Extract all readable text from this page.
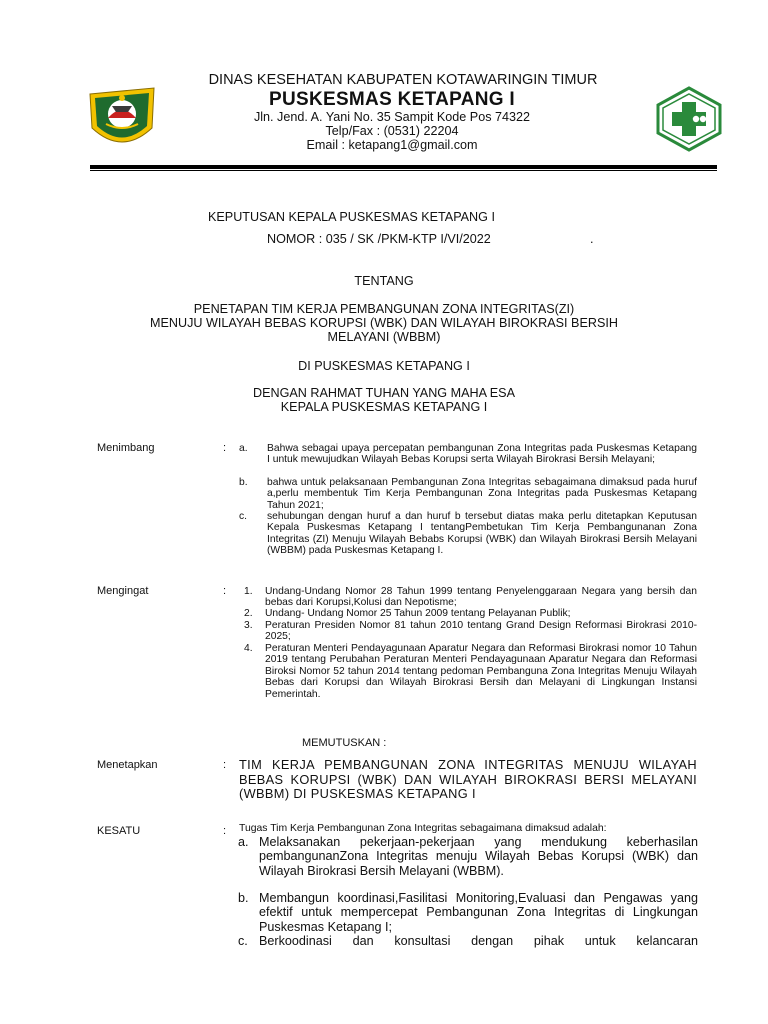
DINAS KESEHATAN KABUPATEN KOTAWARINGIN TIMUR
PUSKESMAS KETAPANG I
Jln. Jend. A. Yani No. 35 Sampit Kode Pos 74322
Telp/Fax : (0531) 22204
Email : ketapang1@gmail.com
KEPUTUSAN KEPALA PUSKESMAS KETAPANG I
NOMOR : 035 / SK /PKM-KTP I/VI/2022	.
TENTANG
PENETAPAN TIM KERJA PEMBANGUNAN ZONA INTEGRITAS(ZI)
MENUJU WILAYAH BEBAS KORUPSI (WBK) DAN WILAYAH BIROKRASI BERSIH
MELAYANI (WBBM)
DI PUSKESMAS KETAPANG I
DENGAN RAHMAT TUHAN YANG MAHA ESA
KEPALA PUSKESMAS KETAPANG I
Menimbang	: a. Bahwa sebagai upaya percepatan pembangunan Zona Integritas pada Puskesmas Ketapang I untuk mewujudkan Wilayah Bebas Korupsi serta Wilayah Birokrasi Bersih Melayani;
b. bahwa untuk pelaksanaan Pembangunan Zona Integritas sebagaimana dimaksud pada huruf a,perlu membentuk Tim Kerja Pembangunan Zona Integritas pada Puskesmas Ketapang Tahun 2021;
c. sehubungan dengan huruf a dan huruf b tersebut diatas maka perlu ditetapkan Keputusan Kepala Puskesmas Ketapang I tentangPembetukan Tim Kerja Pembangunanan Zona Integritas (ZI) Menuju Wilayah Bebabs Korupsi (WBK) dan Wilayah Birokrasi Bersih Melayani (WBBM) pada Puskesmas Ketapang I.
Mengingat	: 1. Undang-Undang Nomor 28 Tahun 1999 tentang Penyelenggaraan Negara yang bersih dan bebas dari Korupsi,Kolusi dan Nepotisme;
2. Undang- Undang Nomor 25 Tahun 2009 tentang Pelayanan Publik;
3. Peraturan Presiden Nomor 81 tahun 2010 tentang Grand Design Reformasi Birokrasi 2010-2025;
4. Peraturan Menteri Pendayagunaan Aparatur Negara dan Reformasi Birokrasi nomor 10 Tahun 2019 tentang Perubahan Peraturan Menteri Pendayagunaan Aparatur Negara dan Reformasi Biroksi Nomor 52 tahun 2014 tentang pedoman Pembanguna Zona Integritas Menuju Wilayah Bebas dari Korupsi dan Wilayah Birokrasi Bersih dan Melayani di Lingkungan Instansi Pemerintah.
MEMUTUSKAN :
Menetapkan	: TIM KERJA PEMBANGUNAN ZONA INTEGRITAS MENUJU WILAYAH BEBAS KORUPSI (WBK) DAN WILAYAH BIROKRASI BERSI MELAYANI (WBBM) DI PUSKESMAS KETAPANG I
KESATU	: Tugas Tim Kerja Pembangunan Zona Integritas sebagaimana dimaksud adalah:
a. Melaksanakan pekerjaan-pekerjaan yang mendukung keberhasilan pembangunanZona Integritas menuju Wilayah Bebas Korupsi (WBK) dan Wilayah Birokrasi Bersih Melayani (WBBM).
b. Membangun koordinasi,Fasilitasi Monitoring,Evaluasi dan Pengawas yang efektif untuk mempercepat Pembangunan Zona Integritas di Lingkungan Puskesmas Ketapang I;
c. Berkoodinasi dan konsultasi dengan pihak untuk kelancaran
